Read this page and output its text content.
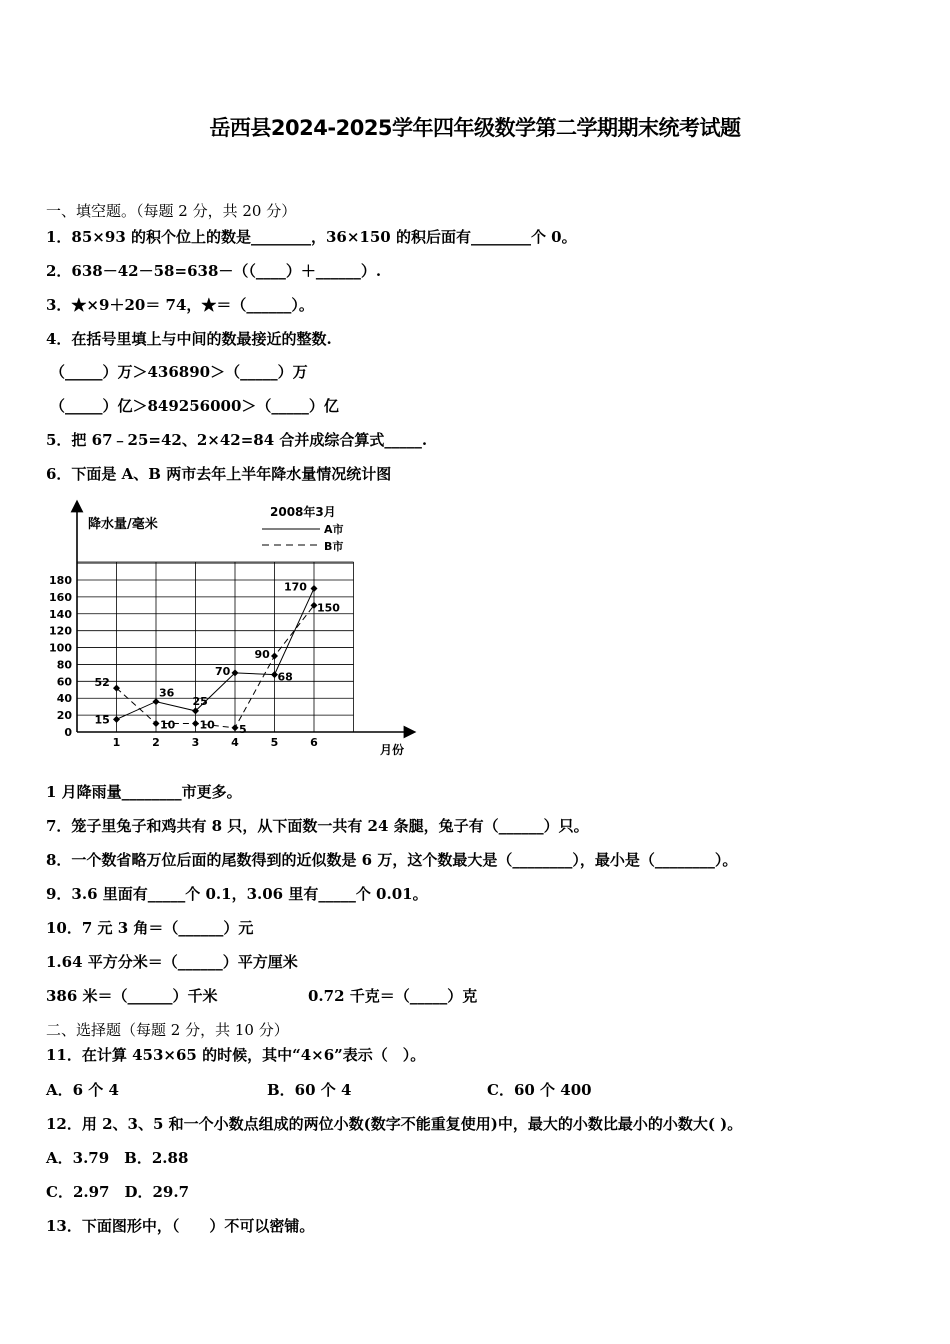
岳西县2024-2025学年四年级数学第二学期期末统考试题
一、填空题。（每题 2 分，共 20 分）
1．85×93 的积个位上的数是________，36×150 的积后面有________个 0。
2．638－42－58=638－（（____）＋______）.
3．★×9＋20＝ 74，★＝（______）。
4．在括号里填上与中间的数最接近的整数.
（_____）万＞436890＞（_____）万
（_____）亿＞849256000＞（_____）亿
5．把 67﹣25=42、2×42=84 合并成综合算式_____.
6．下面是 A、B 两市去年上半年降水量情况统计图
降水量/毫米
月份
2008年3月
A市
B市
0
20
40
60
80
100
120
140
160
180
1	2	3	4	5	6
15
36
25
70	68
170
52
10 10 5
90
150
1 月降雨量________市更多。
7．笼子里兔子和鸡共有 8 只，从下面数一共有 24 条腿，兔子有（______）只。
8．一个数省略万位后面的尾数得到的近似数是 6 万，这个数最大是（________），最小是（________）。
9．3.6 里面有_____个 0.1，3.06 里有_____个 0.01。
10．7 元 3 角＝（______）元
1.64 平方分米＝（______）平方厘米
386 米＝（______）千米	0.72 千克＝（_____）克
二、选择题（每题 2 分，共 10 分）
11．在计算 453×65 的时候，其中“4×6”表示（　）。
A．6 个 4	B．60 个 4	C．60 个 400
12．用 2、3、5 和一个小数点组成的两位小数(数字不能重复使用)中，最大的小数比最小的小数大( )。
A．3.79　B．2.88
C．2.97　D．29.7
13．下面图形中，（　　）不可以密铺。
